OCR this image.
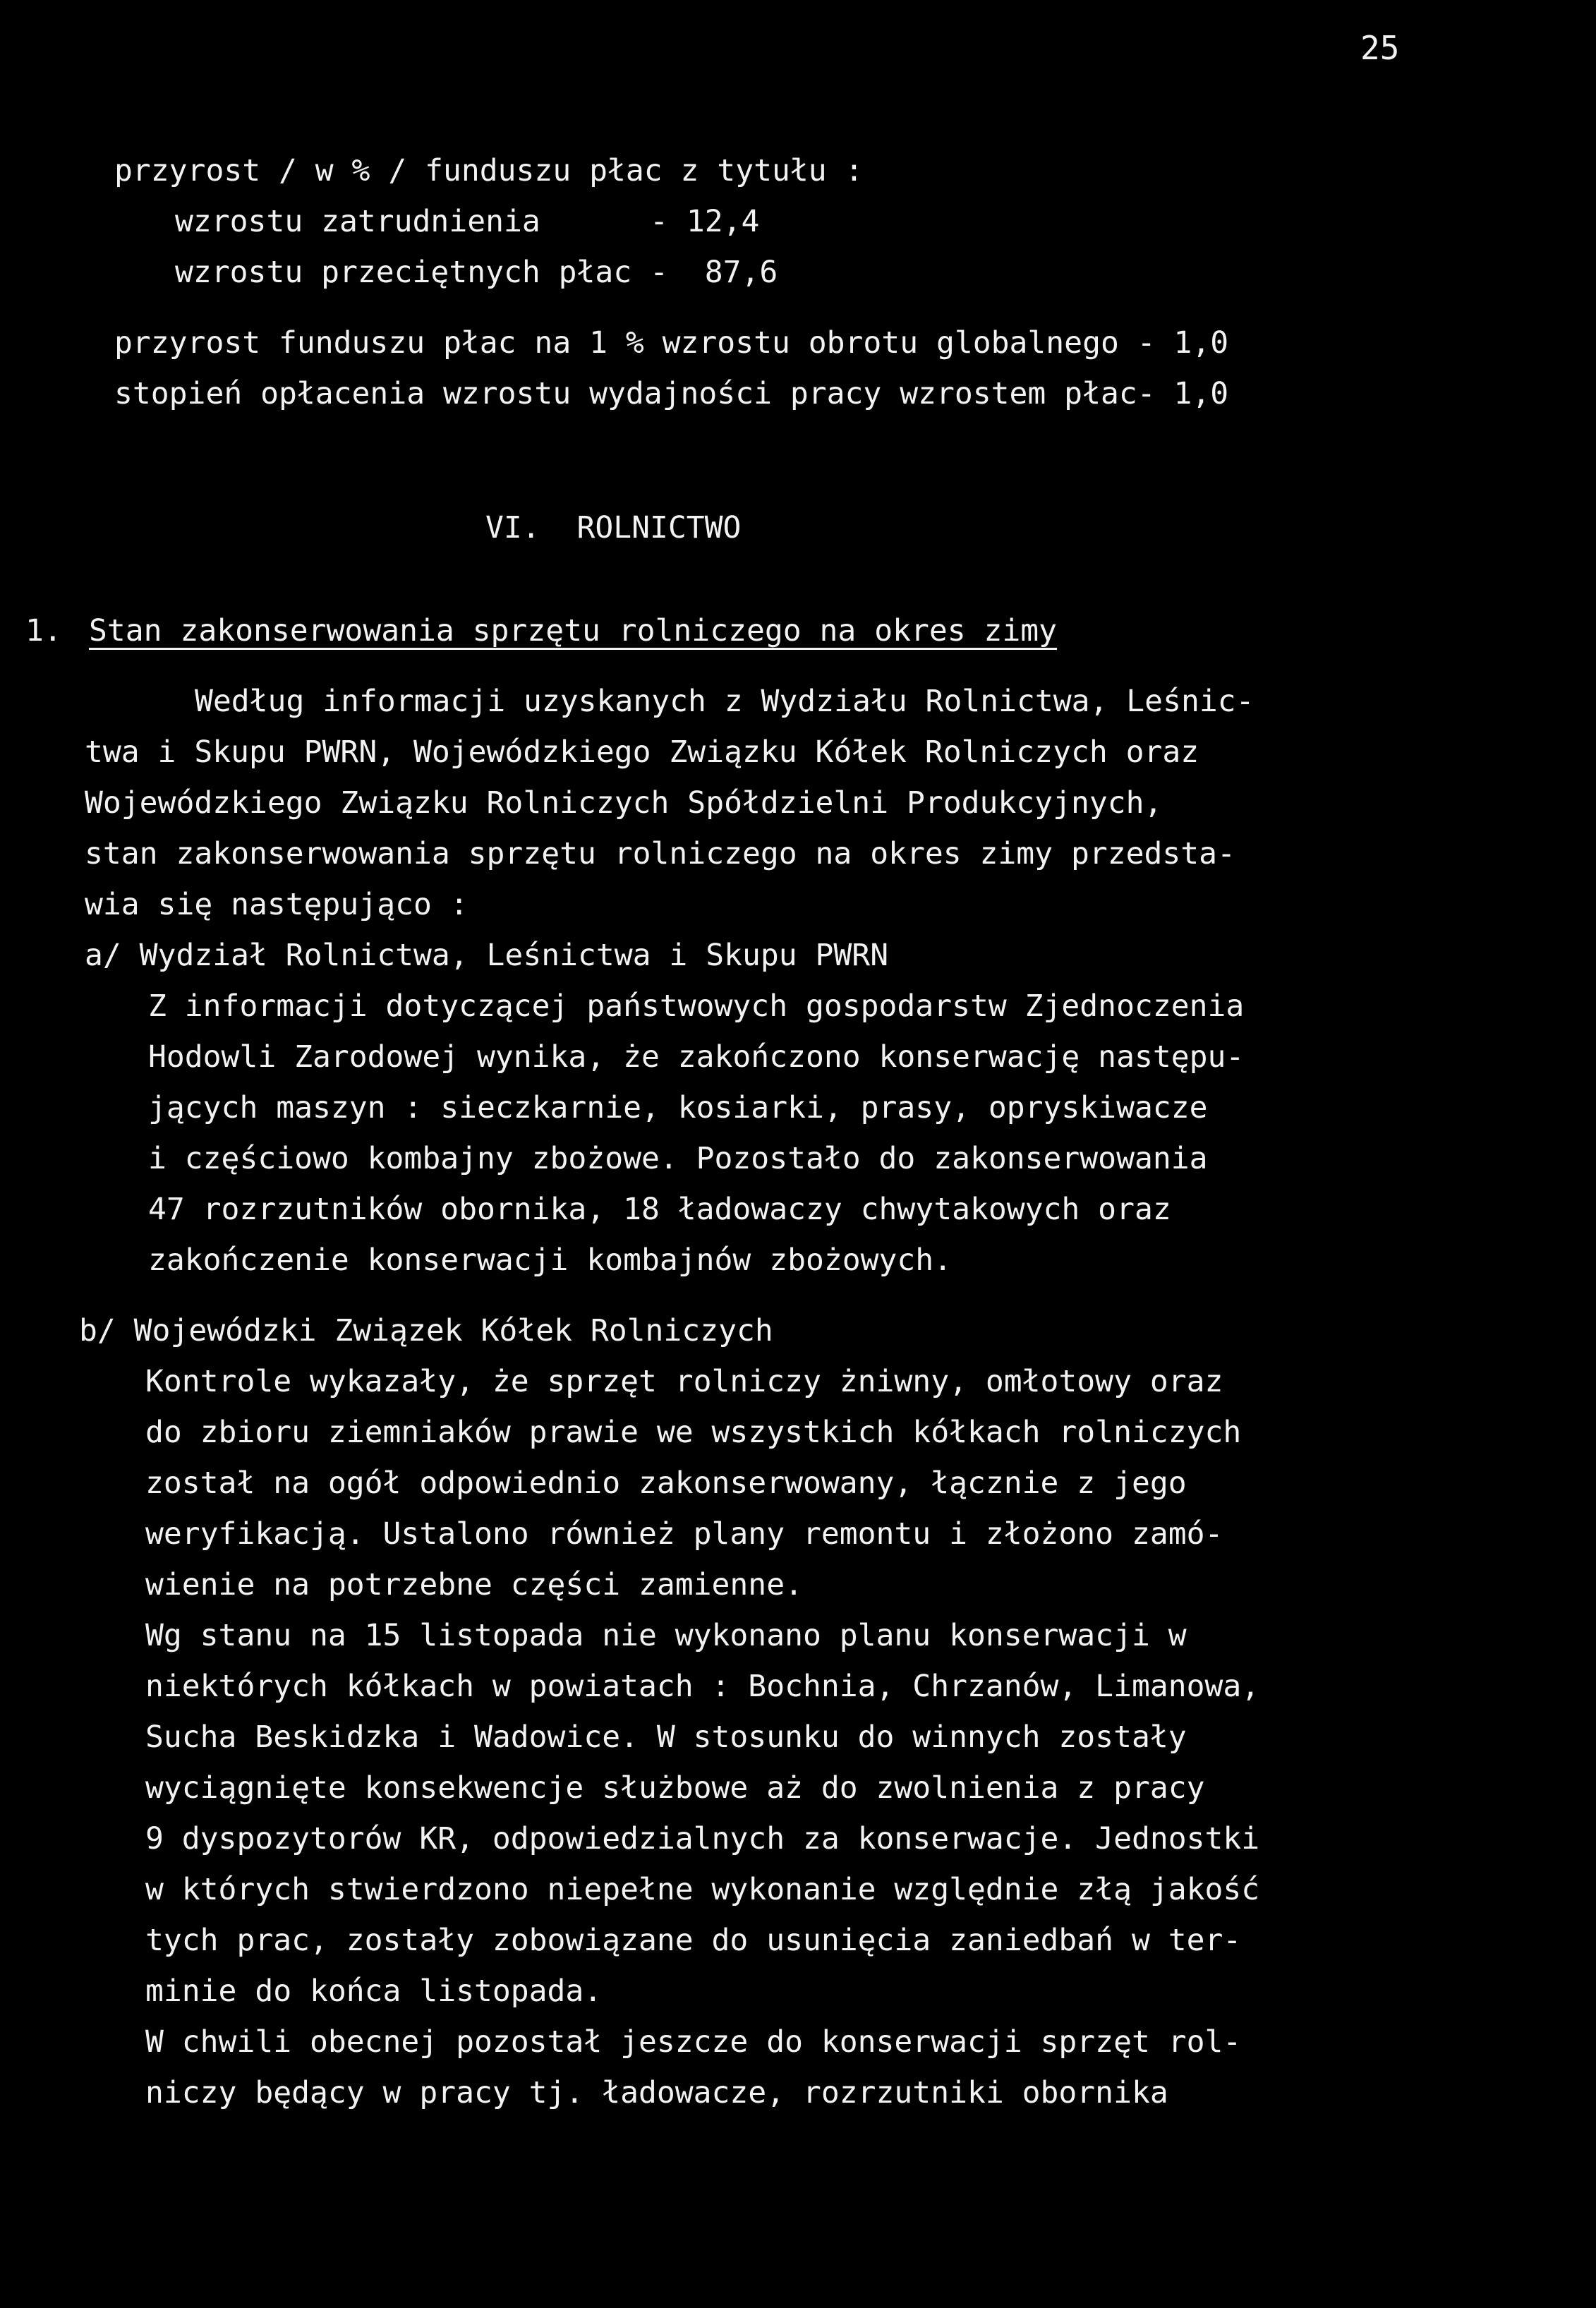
25
przyrost / w % / funduszu płac z tytułu :
wzrostu zatrudnienia      - 12,4
wzrostu przeciętnych płac -  87,6
przyrost funduszu płac na 1 % wzrostu obrotu globalnego - 1,0
stopień opłacenia wzrostu wydajności pracy wzrostem płac- 1,0
VI.  ROLNICTWO
1. Stan zakonserwowania sprzętu rolniczego na okres zimy
Według informacji uzyskanych z Wydziału Rolnictwa, Leśnic-
twa i Skupu PWRN, Wojewódzkiego Związku Kółek Rolniczych oraz
Wojewódzkiego Związku Rolniczych Spółdzielni Produkcyjnych,
stan zakonserwowania sprzętu rolniczego na okres zimy przedsta-
wia się następująco :
a/ Wydział Rolnictwa, Leśnictwa i Skupu PWRN
Z informacji dotyczącej państwowych gospodarstw Zjednoczenia
Hodowli Zarodowej wynika, że zakończono konserwację następu-
jących maszyn : sieczkarnie, kosiarki, prasy, opryskiwacze
i częściowo kombajny zbożowe. Pozostało do zakonserwowania
47 rozrzutników obornika, 18 ładowaczy chwytakowych oraz
zakończenie konserwacji kombajnów zbożowych.
b/ Wojewódzki Związek Kółek Rolniczych
Kontrole wykazały, że sprzęt rolniczy żniwny, omłotowy oraz
do zbioru ziemniaków prawie we wszystkich kółkach rolniczych
został na ogół odpowiednio zakonserwowany, łącznie z jego
weryfikacją. Ustalono również plany remontu i złożono zamó-
wienie na potrzebne części zamienne.
Wg stanu na 15 listopada nie wykonano planu konserwacji w
niektórych kółkach w powiatach : Bochnia, Chrzanów, Limanowa,
Sucha Beskidzka i Wadowice. W stosunku do winnych zostały
wyciągnięte konsekwencje służbowe aż do zwolnienia z pracy
9 dyspozytorów KR, odpowiedzialnych za konserwacje. Jednostki
w których stwierdzono niepełne wykonanie względnie złą jakość
tych prac, zostały zobowiązane do usunięcia zaniedbań w ter-
minie do końca listopada.
W chwili obecnej pozostał jeszcze do konserwacji sprzęt rol-
niczy będący w pracy tj. ładowacze, rozrzutniki obornika
